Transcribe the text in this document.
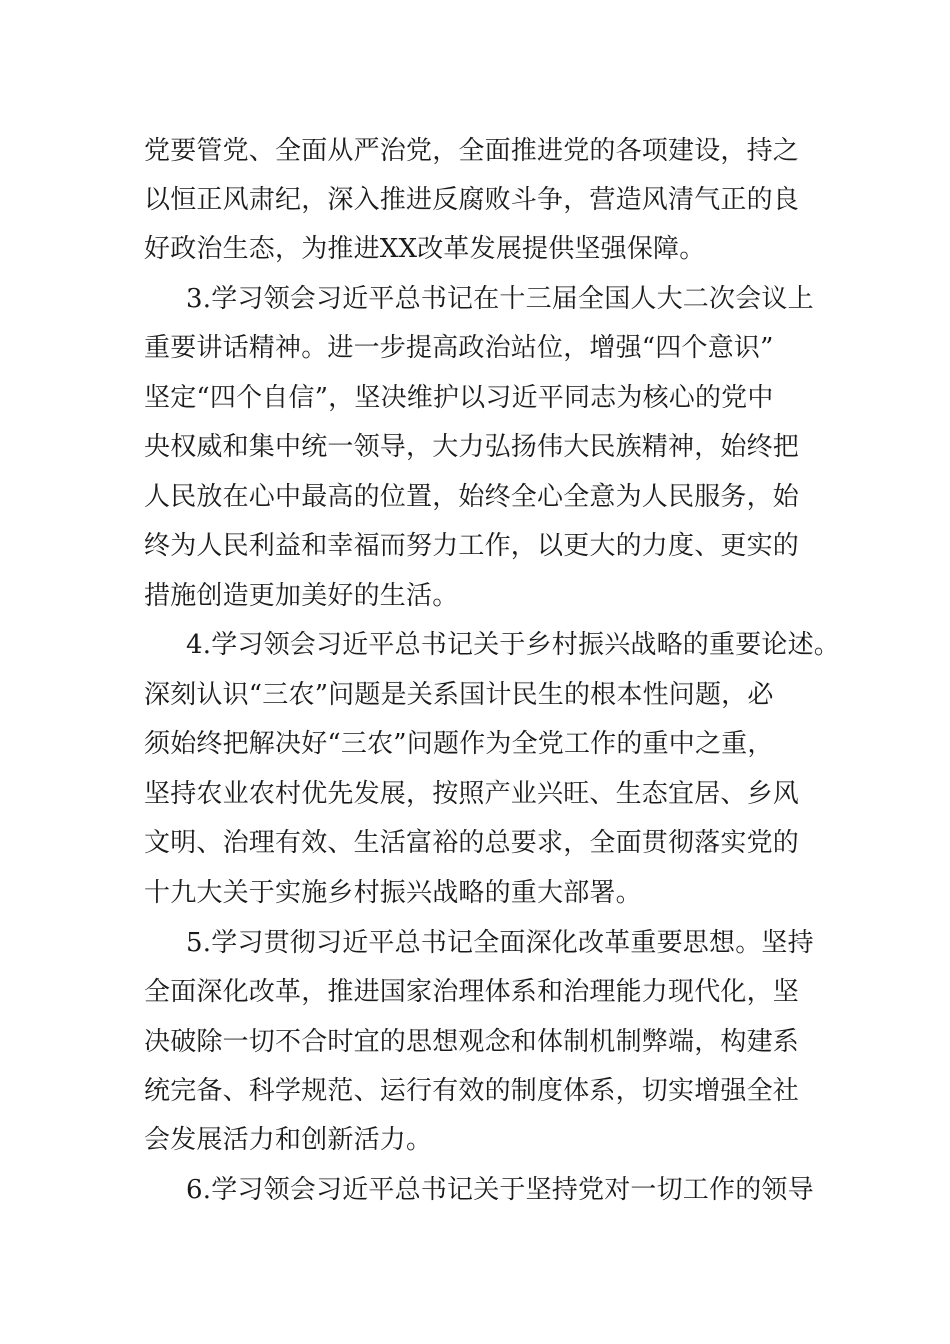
党要管党、全面从严治党，全面推进党的各项建设，持之

以恒正风肃纪，深入推进反腐败斗争，营造风清气正的良

好政治生态，为推进XX改革发展提供坚强保障。

3.学习领会习近平总书记在十三届全国人大二次会议上

重要讲话精神。进一步提高政治站位，增强“四个意识”

坚定“四个自信”，坚决维护以习近平同志为核心的党中

央权威和集中统一领导，大力弘扬伟大民族精神，始终把

人民放在心中最高的位置，始终全心全意为人民服务，始

终为人民利益和幸福而努力工作，以更大的力度、更实的

措施创造更加美好的生活。

4.学习领会习近平总书记关于乡村振兴战略的重要论述。

深刻认识“三农”问题是关系国计民生的根本性问题，必

须始终把解决好“三农”问题作为全党工作的重中之重，

坚持农业农村优先发展，按照产业兴旺、生态宜居、乡风

文明、治理有效、生活富裕的总要求，全面贯彻落实党的

十九大关于实施乡村振兴战略的重大部署。

5.学习贯彻习近平总书记全面深化改革重要思想。坚持

全面深化改革，推进国家治理体系和治理能力现代化，坚

决破除一切不合时宜的思想观念和体制机制弊端，构建系

统完备、科学规范、运行有效的制度体系，切实增强全社

会发展活力和创新活力。

6.学习领会习近平总书记关于坚持党对一切工作的领导
